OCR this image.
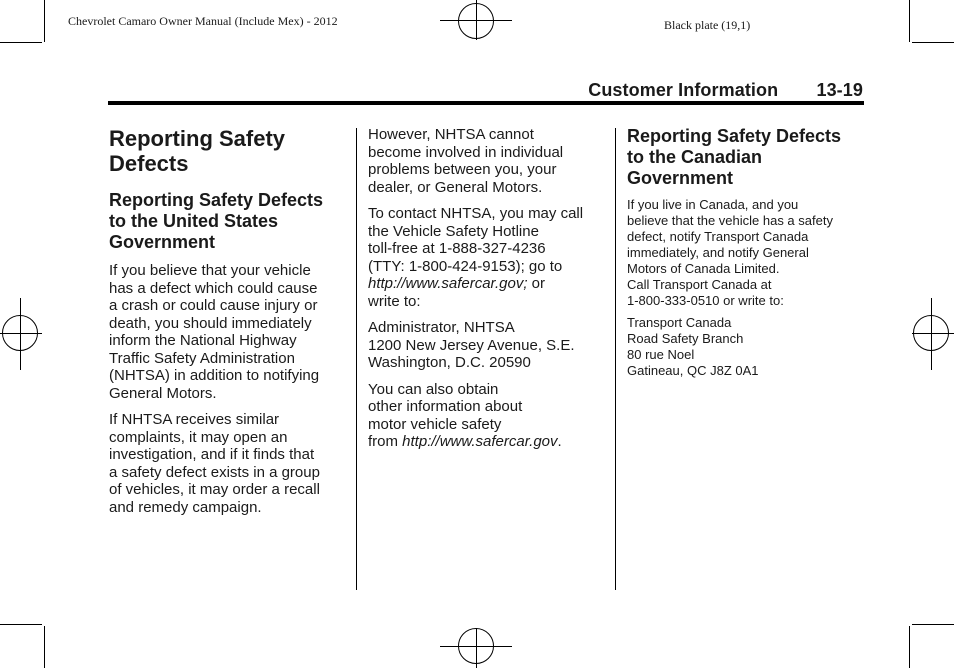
Chevrolet Camaro Owner Manual (Include Mex) - 2012	Black plate (19,1)
Customer Information 13-19
Reporting Safety
Defects
Reporting Safety Defects
to the United States
Government

If you believe that your vehicle
has a defect which could cause
a crash or could cause injury or
death, you should immediately
inform the National Highway
Traffic Safety Administration
(NHTSA) in addition to notifying
General Motors.

If NHTSA receives similar
complaints, it may open an
investigation, and if it finds that
a safety defect exists in a group
of vehicles, it may order a recall
and remedy campaign.

However, NHTSA cannot
become involved in individual
problems between you, your
dealer, or General Motors.

To contact NHTSA, you may call
the Vehicle Safety Hotline
toll-free at 1-888-327-4236
(TTY: 1-800-424-9153); go to
http://www.safercar.gov; or
write to:

Administrator, NHTSA
1200 New Jersey Avenue, S.E.
Washington, D.C. 20590

You can also obtain
other information about
motor vehicle safety
from http://www.safercar.gov.

Reporting Safety Defects
to the Canadian
Government

If you live in Canada, and you
believe that the vehicle has a safety
defect, notify Transport Canada
immediately, and notify General
Motors of Canada Limited.
Call Transport Canada at
1-800-333-0510 or write to:

Transport Canada
Road Safety Branch
80 rue Noel
Gatineau, QC J8Z 0A1
